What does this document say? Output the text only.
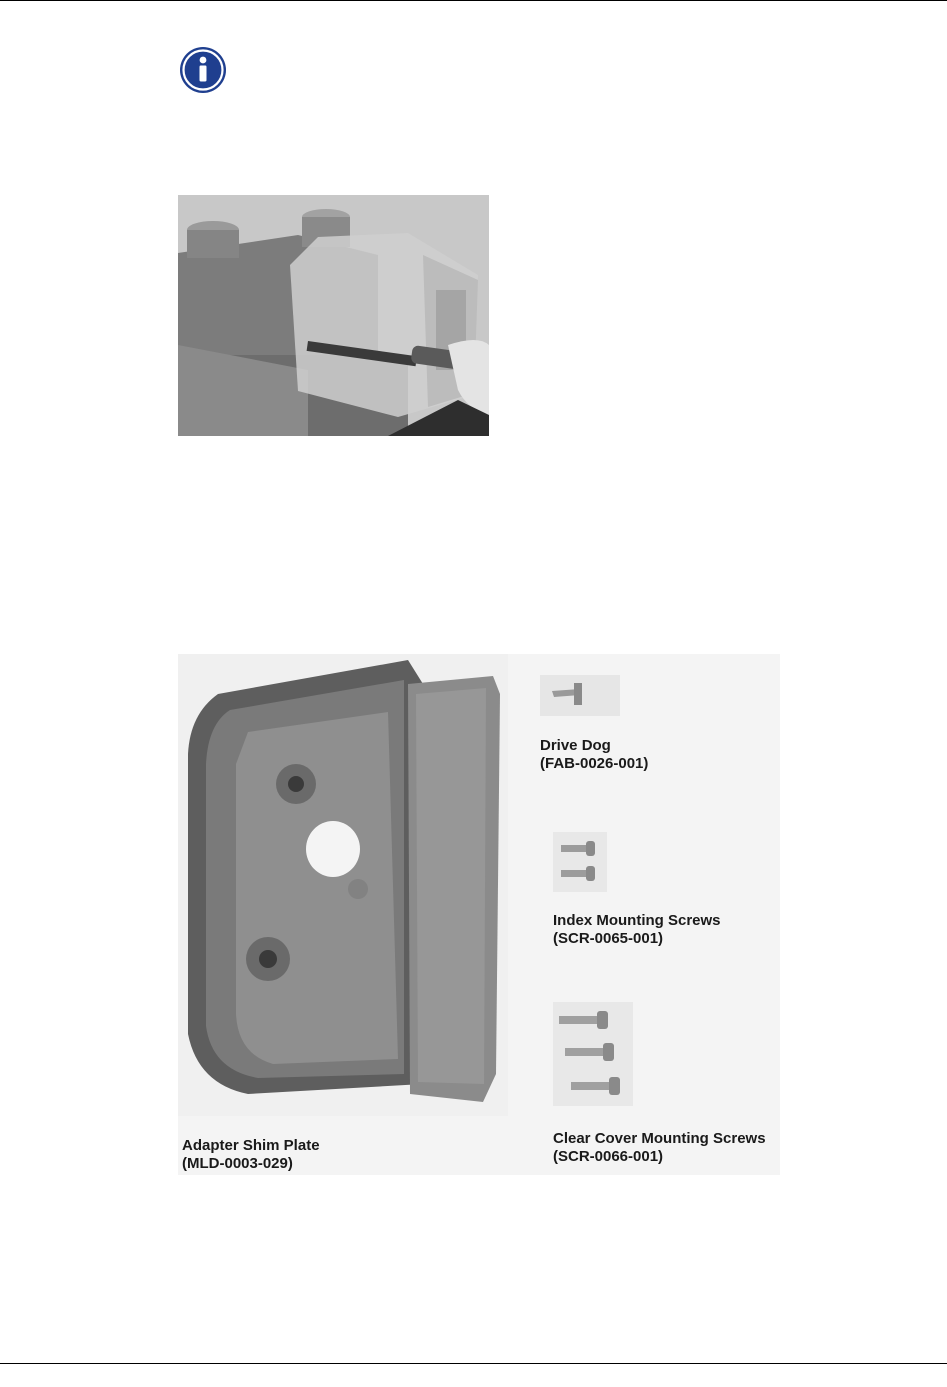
Drive Dog
(FAB-0026-001)
Index Mounting Screws
(SCR-0065-001)
Adapter Shim Plate
(MLD-0003-029)
Clear Cover Mounting Screws
(SCR-0066-001)
